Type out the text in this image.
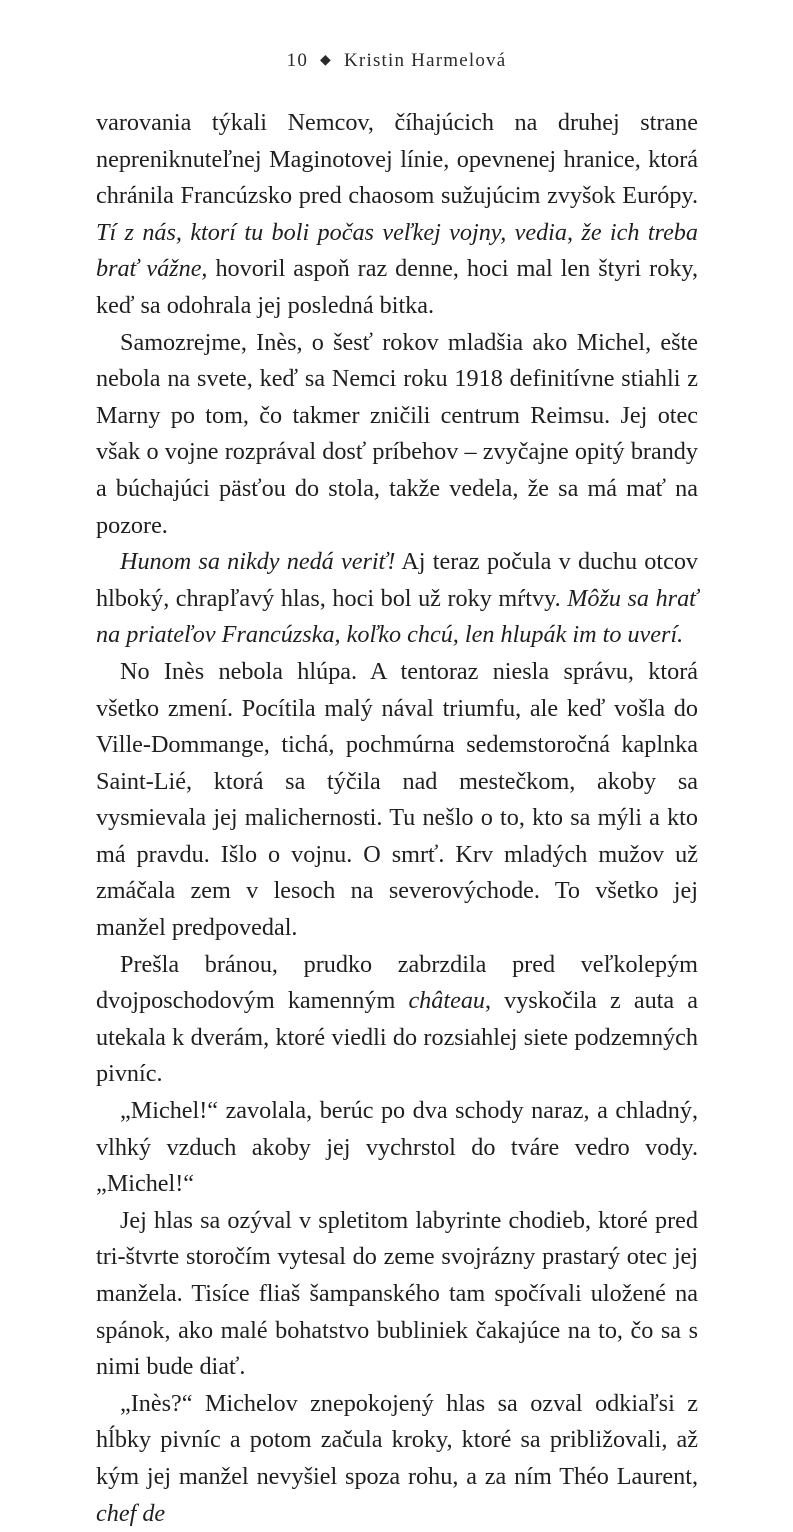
10 ◆ Kristin Harmelová

varovania týkali Nemcov, číhajúcich na druhej strane nepreniknuteľnej Maginotovej línie, opevnenej hranice, ktorá chránila Francúzsko pred chaosom sužujúcim zvyšok Európy. Tí z nás, ktorí tu boli počas veľkej vojny, vedia, že ich treba brať vážne, hovoril aspoň raz denne, hoci mal len štyri roky, keď sa odohrala jej posledná bitka.

Samozrejme, Inès, o šesť rokov mladšia ako Michel, ešte nebola na svete, keď sa Nemci roku 1918 definitívne stiahli z Marny po tom, čo takmer zničili centrum Reimsu. Jej otec však o vojne rozprával dosť príbehov – zvyčajne opitý brandy a búchajúci päsťou do stola, takže vedela, že sa má mať na pozore.

Hunom sa nikdy nedá veriť! Aj teraz počula v duchu otcov hlboký, chrapľavý hlas, hoci bol už roky mŕtvy. Môžu sa hrať na priateľov Francúzska, koľko chcú, len hlupák im to uverí.

No Inès nebola hlúpa. A tentoraz niesla správu, ktorá všetko zmení. Pocítila malý nával triumfu, ale keď vošla do Ville-Dommange, tichá, pochmúrna sedemstoročná kaplnka Saint-Lié, ktorá sa týčila nad mestečkom, akoby sa vysmievala jej malichernosti. Tu nešlo o to, kto sa mýli a kto má pravdu. Išlo o vojnu. O smrť. Krv mladých mužov už zmáčala zem v lesoch na severovýchode. To všetko jej manžel predpovedal.

Prešla bránou, prudko zabrzdila pred veľkolepým dvojposchodovým kamenným château, vyskočila z auta a utekala k dverám, ktoré viedli do rozsiahlej siete podzemných pivníc.

„Michel!“ zavolala, berúc po dva schody naraz, a chladný, vlhký vzduch akoby jej vychrstol do tváre vedro vody. „Michel!“

Jej hlas sa ozýval v spletitom labyrinte chodieb, ktoré pred tri-štvrte storočím vytesal do zeme svojrázny prastarý otec jej manžela. Tisíce fliaš šampanského tam spočívali uložené na spánok, ako malé bohatstvo bubliniek čakajúce na to, čo sa s nimi bude diať.

„Inès?“ Michelov znepokojený hlas sa ozval odkiaľsi z hĺbky pivníc a potom začula kroky, ktoré sa približovali, až kým jej manžel nevyšiel spoza rohu, a za ním Théo Laurent, chef de
